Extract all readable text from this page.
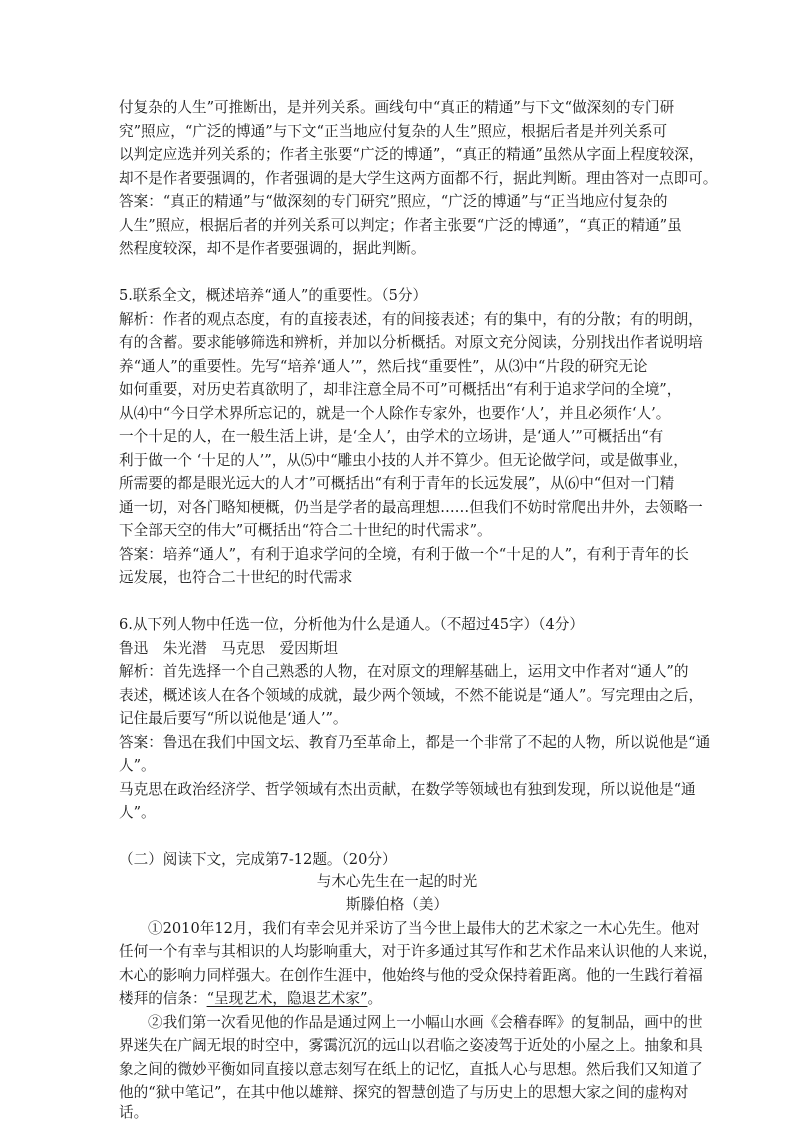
付复杂的人生”可推断出，是并列关系。画线句中“真正的精通”与下文“做深刻的专门研
究”照应，“广泛的博通”与下文“正当地应付复杂的人生”照应，根据后者是并列关系可
以判定应选并列关系的；作者主张要“广泛的博通”，“真正的精通”虽然从字面上程度较深，
却不是作者要强调的，作者强调的是大学生这两方面都不行，据此判断。理由答对一点即可。
答案：“真正的精通”与“做深刻的专门研究”照应，“广泛的博通”与“正当地应付复杂的
人生”照应，根据后者的并列关系可以判定；作者主张要“广泛的博通”，“真正的精通”虽
然程度较深，却不是作者要强调的，据此判断。
5.联系全文，概述培养“通人”的重要性。（5分）
解析：作者的观点态度，有的直接表述，有的间接表述；有的集中，有的分散；有的明朗，
有的含蓄。要求能够筛选和辨析，并加以分析概括。对原文充分阅读，分别找出作者说明培
养“通人”的重要性。先写“培养‘通人’”，然后找“重要性”，从⑶中“片段的研究无论
如何重要，对历史若真欲明了，却非注意全局不可”可概括出“有利于追求学问的全境”，
从⑷中“今日学术界所忘记的，就是一个人除作专家外，也要作‘人’，并且必须作‘人’。
一个十足的人，在一般生活上讲，是‘全人’，由学术的立场讲，是‘通人’”可概括出“有
利于做一个 ‘十足的人’”，从⑸中“雕虫小技的人并不算少。但无论做学问，或是做事业，
所需要的都是眼光远大的人才”可概括出“有利于青年的长远发展”，从⑹中“但对一门精
通一切，对各门略知梗概，仍当是学者的最高理想……但我们不妨时常爬出井外，去领略一
下全部天空的伟大”可概括出“符合二十世纪的时代需求”。
答案：培养“通人”，有利于追求学问的全境，有利于做一个“十足的人”，有利于青年的长
远发展，也符合二十世纪的时代需求
6.从下列人物中任选一位，分析他为什么是通人。（不超过45字）（4分）
鲁迅　朱光潜　马克思　爱因斯坦
解析：首先选择一个自己熟悉的人物，在对原文的理解基础上，运用文中作者对“通人”的
表述，概述该人在各个领域的成就，最少两个领域，不然不能说是“通人”。写完理由之后，
记住最后要写“所以说他是‘通人’”。
答案：鲁迅在我们中国文坛、教育乃至革命上，都是一个非常了不起的人物，所以说他是“通
人”。
马克思在政治经济学、哲学领域有杰出贡献，在数学等领域也有独到发现，所以说他是“通
人”。
（二）阅读下文，完成第7-12题。（20分）
与木心先生在一起的时光
斯滕伯格（美）
①2010年12月，我们有幸会见并采访了当今世上最伟大的艺术家之一木心先生。他对
任何一个有幸与其相识的人均影响重大，对于许多通过其写作和艺术作品来认识他的人来说，
木心的影响力同样强大。在创作生涯中，他始终与他的受众保持着距离。他的一生践行着福
楼拜的信条：“呈现艺术，隐退艺术家”。
②我们第一次看见他的作品是通过网上一小幅山水画《会稽春晖》的复制品，画中的世
界迷失在广阔无垠的时空中，雾霭沉沉的远山以君临之姿凌驾于近处的小屋之上。抽象和具
象之间的微妙平衡如同直接以意志刻写在纸上的记忆，直抵人心与思想。然后我们又知道了
他的“狱中笔记”，在其中他以雄辩、探究的智慧创造了与历史上的思想大家之间的虚构对
话。
